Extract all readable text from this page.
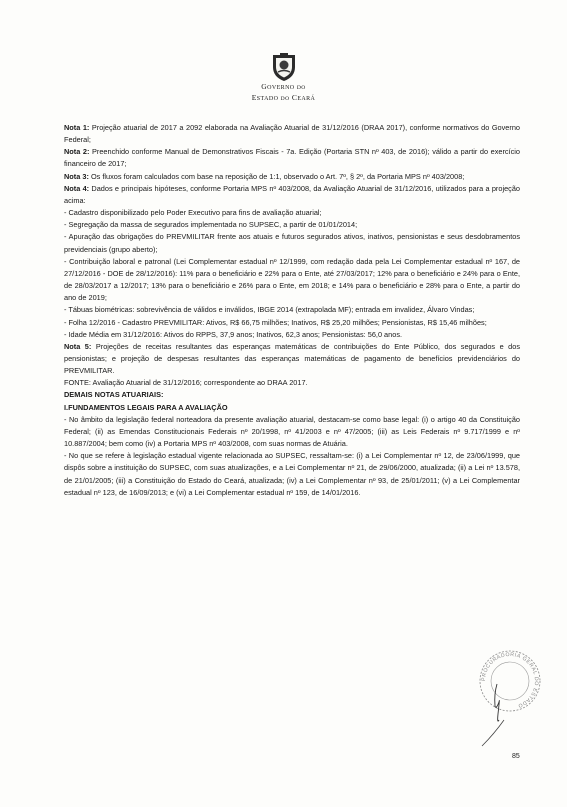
GOVERNO DO
ESTADO DO CEARÁ

Nota 1: Projeção atuarial de 2017 a 2092 elaborada na Avaliação Atuarial de 31/12/2016 (DRAA 2017), conforme normativos do Governo Federal;

Nota 2: Preenchido conforme Manual de Demonstrativos Fiscais - 7a. Edição (Portaria STN nº 403, de 2016); válido a partir do exercício financeiro de 2017;

Nota 3: Os fluxos foram calculados com base na reposição de 1:1, observado o Art. 7º, § 2º, da Portaria MPS nº 403/2008;

Nota 4: Dados e principais hipóteses, conforme Portaria MPS nº 403/2008, da Avaliação Atuarial de 31/12/2016, utilizados para a projeção acima:

- Cadastro disponibilizado pelo Poder Executivo para fins de avaliação atuarial;

- Segregação da massa de segurados implementada no SUPSEC, a partir de 01/01/2014;

- Apuração das obrigações do PREVMILITAR frente aos atuais e futuros segurados ativos, inativos, pensionistas e seus desdobramentos previdenciais (grupo aberto);

- Contribuição laboral e patronal (Lei Complementar estadual nº 12/1999, com redação dada pela Lei Complementar estadual nº 167, de 27/12/2016 - DOE de 28/12/2016): 11% para o beneficiário e 22% para o Ente, até 27/03/2017; 12% para o beneficiário e 24% para o Ente, de 28/03/2017 a 12/2017; 13% para o beneficiário e 26% para o Ente, em 2018; e 14% para o beneficiário e 28% para o Ente, a partir do ano de 2019;

- Tábuas biométricas: sobrevivência de válidos e inválidos, IBGE 2014 (extrapolada MF); entrada em invalidez, Álvaro Vindas;

- Folha 12/2016 - Cadastro PREVMILITAR: Ativos, R$ 66,75 milhões; Inativos, R$ 25,20 milhões; Pensionistas, R$ 15,46 milhões;

- Idade Média em 31/12/2016: Ativos do RPPS, 37,9 anos; Inativos, 62,3 anos; Pensionistas: 56,0 anos.

Nota 5: Projeções de receitas resultantes das esperanças matemáticas de contribuições do Ente Público, dos segurados e dos pensionistas; e projeção de despesas resultantes das esperanças matemáticas de pagamento de benefícios previdenciários do PREVMILITAR.

FONTE: Avaliação Atuarial de 31/12/2016; correspondente ao DRAA 2017.

DEMAIS NOTAS ATUARIAIS:

I.FUNDAMENTOS LEGAIS PARA A AVALIAÇÃO

- No âmbito da legislação federal norteadora da presente avaliação atuarial, destacam-se como base legal: (i) o artigo 40 da Constituição Federal; (ii) as Emendas Constitucionais Federais nº 20/1998, nº 41/2003 e nº 47/2005; (iii) as Leis Federais nº 9.717/1999 e nº 10.887/2004; bem como (iv) a Portaria MPS nº 403/2008, com suas normas de Atuária.

- No que se refere à legislação estadual vigente relacionada ao SUPSEC, ressaltam-se: (i) a Lei Complementar nº 12, de 23/06/1999, que dispôs sobre a instituição do SUPSEC, com suas atualizações, e a Lei Complementar nº 21, de 29/06/2000, atualizada; (ii) a Lei nº 13.578, de 21/01/2005; (iii) a Constituição do Estado do Ceará, atualizada; (iv) a Lei Complementar nº 93, de 25/01/2011; (v) a Lei Complementar estadual nº 123, de 16/09/2013; e (vi) a Lei Complementar estadual nº 159, de 14/01/2016.

PROCURADORIA GERAL DO ESTADO
85
